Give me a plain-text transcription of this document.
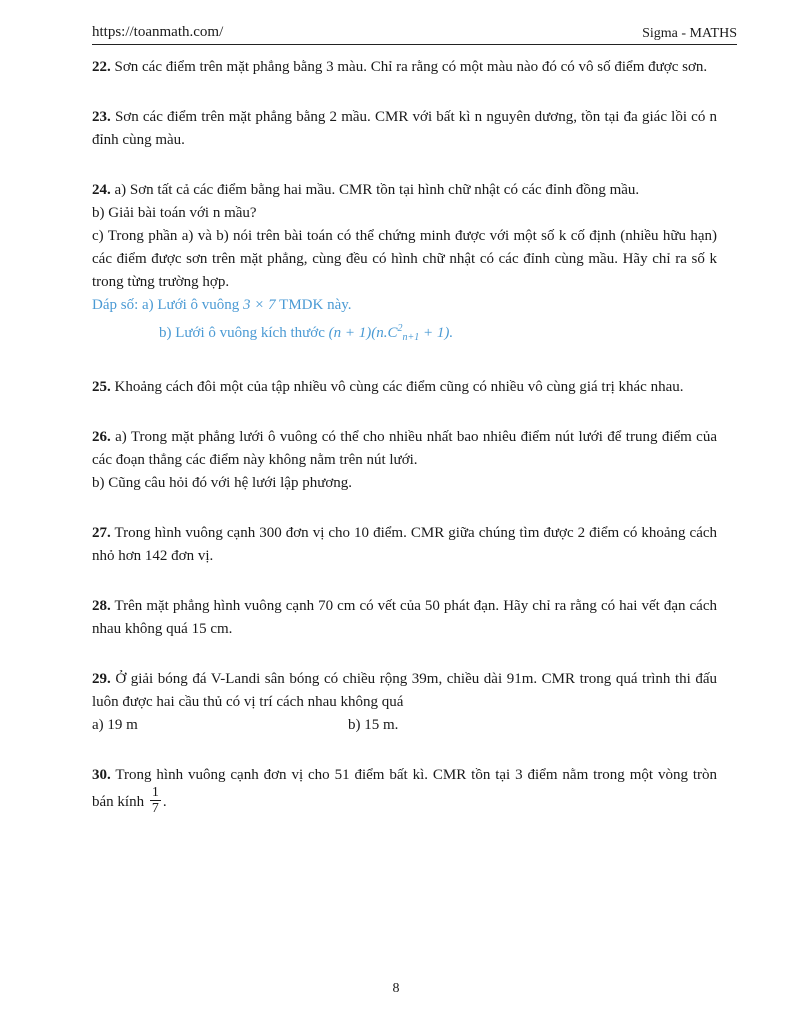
https://toanmath.com/	Sigma - MATHS

22. Sơn các điểm trên mặt phẳng bằng 3 màu. Chỉ ra rằng có một màu nào đó có vô số điểm được sơn.

23. Sơn các điểm trên mặt phẳng bằng 2 mầu. CMR với bất kì n nguyên dương, tồn tại đa giác lồi có n đỉnh cùng màu.

24. a) Sơn tất cả các điểm bằng hai mầu. CMR tồn tại hình chữ nhật có các đỉnh đồng mầu.

b) Giải bài toán với n mầu?

c) Trong phần a) và b) nói trên bài toán có thể chứng minh được với một số k cố định (nhiều hữu hạn) các điểm được sơn trên mặt phẳng, cùng đều có hình chữ nhật có các đỉnh cùng mầu. Hãy chỉ ra số k trong từng trường hợp.

Dáp số: a) Lưới ô vuông 3 × 7 TMDK này.

b) Lưới ô vuông kích thước $(n + 1)(n.C^2_{n+1} + 1)$.

25. Khoảng cách đôi một của tập nhiều vô cùng các điểm cũng có nhiều vô cùng giá trị khác nhau.

26. a) Trong mặt phẳng lưới ô vuông có thể cho nhiều nhất bao nhiêu điểm nút lưới để trung điểm của các đoạn thẳng các điểm này không nằm trên nút lưới.

b) Cũng câu hỏi đó với hệ lưới lập phương.

27. Trong hình vuông cạnh 300 đơn vị cho 10 điểm. CMR giữa chúng tìm được 2 điểm có khoảng cách nhỏ hơn 142 đơn vị.

28. Trên mặt phẳng hình vuông cạnh 70 cm có vết của 50 phát đạn. Hãy chỉ ra rằng có hai vết đạn cách nhau không quá 15 cm.

29. Ở giải bóng đá V-Landi sân bóng có chiều rộng 39m, chiều dài 91m. CMR trong quá trình thi đấu luôn được hai cầu thủ có vị trí cách nhau không quá

a) 19 m	b) 15 m.

30. Trong hình vuông cạnh đơn vị cho 51 điểm bất kì. CMR tồn tại 3 điểm nằm trong một vòng tròn bán kính $\frac{1}{7}$ .

8
